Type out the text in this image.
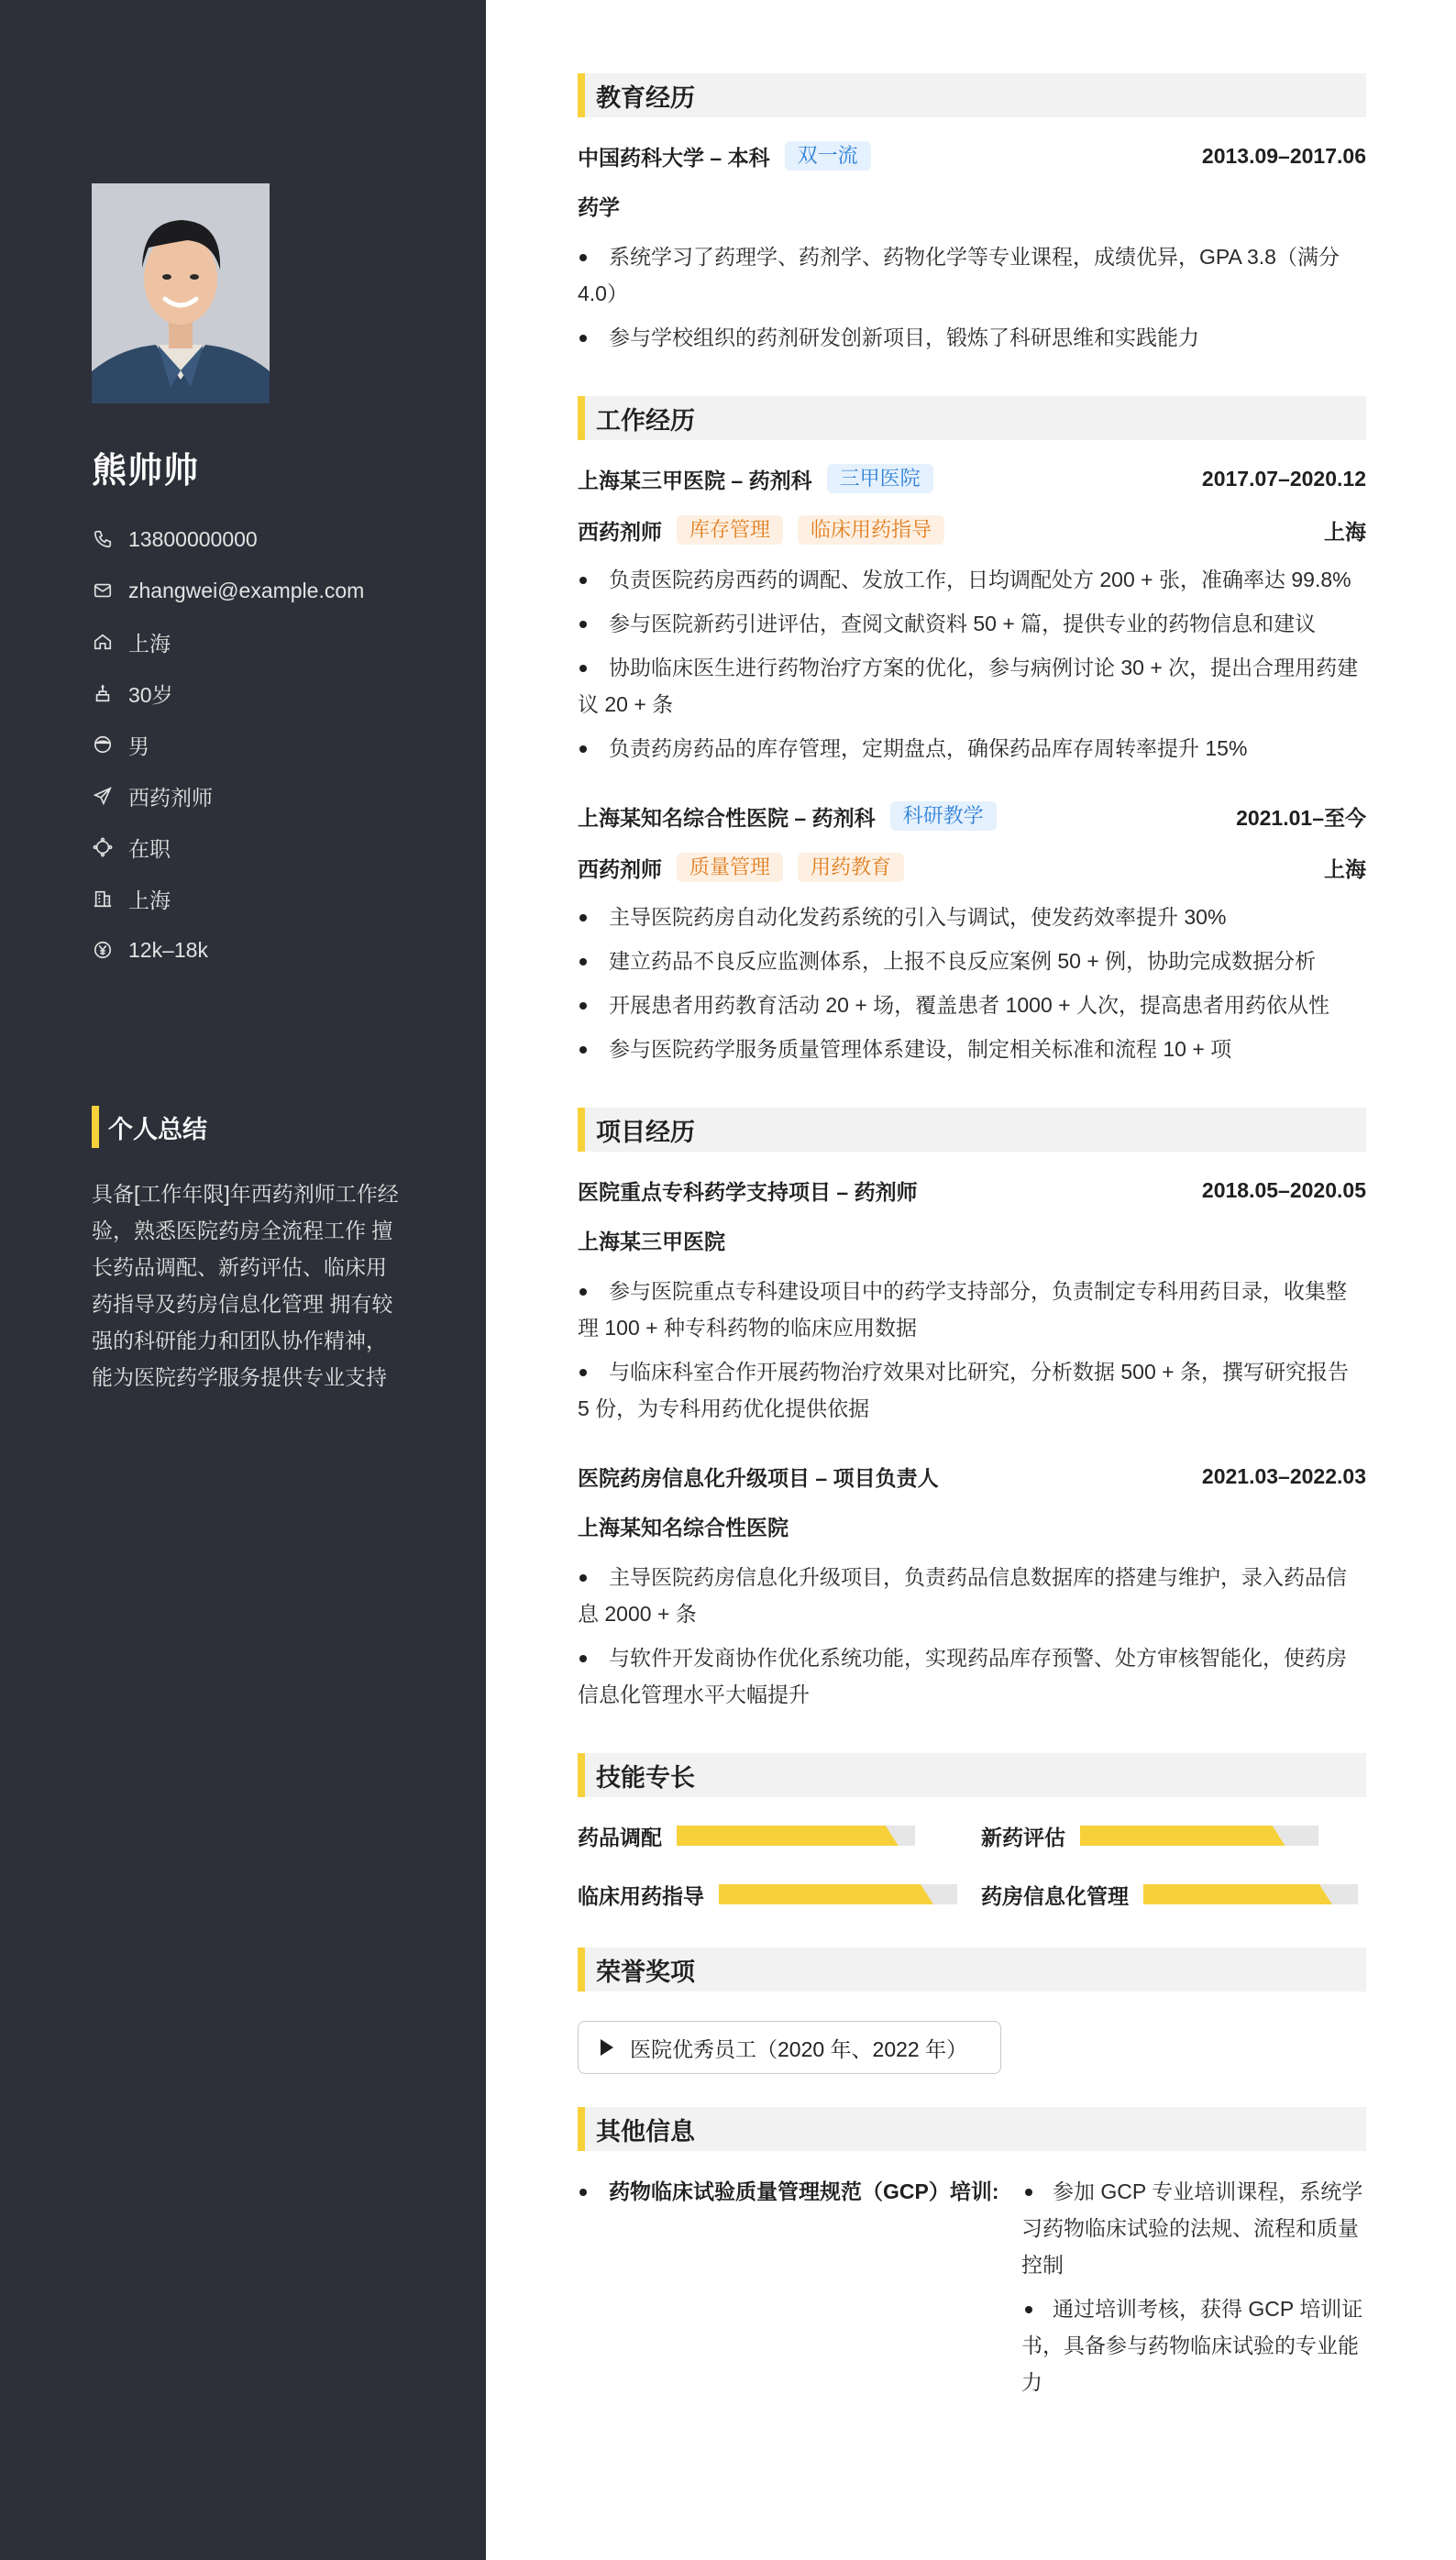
熊帅帅
13800000000
zhangwei@example.com
上海
30岁
男
西药剂师
在职
上海
12k–18k
个人总结
具备[工作年限]年西药剂师工作经验，熟悉医院药房全流程工作 擅长药品调配、新药评估、临床用药指导及药房信息化管理 拥有较强的科研能力和团队协作精神，能为医院药学服务提供专业支持
教育经历
中国药科大学 – 本科	双一流	2013.09–2017.06
药学
系统学习了药理学、药剂学、药物化学等专业课程，成绩优异，GPA 3.8（满分4.0）
参与学校组织的药剂研发创新项目，锻炼了科研思维和实践能力
工作经历
上海某三甲医院 – 药剂科	三甲医院	2017.07–2020.12
西药剂师	库存管理	临床用药指导	上海
负责医院药房西药的调配、发放工作，日均调配处方 200 + 张，准确率达 99.8%
参与医院新药引进评估，查阅文献资料 50 + 篇，提供专业的药物信息和建议
协助临床医生进行药物治疗方案的优化，参与病例讨论 30 + 次，提出合理用药建议 20 + 条
负责药房药品的库存管理，定期盘点，确保药品库存周转率提升 15%
上海某知名综合性医院 – 药剂科	科研教学	2021.01–至今
西药剂师	质量管理	用药教育	上海
主导医院药房自动化发药系统的引入与调试，使发药效率提升 30%
建立药品不良反应监测体系，上报不良反应案例 50 + 例，协助完成数据分析
开展患者用药教育活动 20 + 场，覆盖患者 1000 + 人次，提高患者用药依从性
参与医院药学服务质量管理体系建设，制定相关标准和流程 10 + 项
项目经历
医院重点专科药学支持项目 – 药剂师	2018.05–2020.05
上海某三甲医院
参与医院重点专科建设项目中的药学支持部分，负责制定专科用药目录，收集整理 100 + 种专科药物的临床应用数据
与临床科室合作开展药物治疗效果对比研究，分析数据 500 + 条，撰写研究报告 5 份，为专科用药优化提供依据
医院药房信息化升级项目 – 项目负责人	2021.03–2022.03
上海某知名综合性医院
主导医院药房信息化升级项目，负责药品信息数据库的搭建与维护，录入药品信息 2000 + 条
与软件开发商协作优化系统功能，实现药品库存预警、处方审核智能化，使药房信息化管理水平大幅提升
技能专长
药品调配	新药评估
临床用药指导	药房信息化管理
荣誉奖项
医院优秀员工（2020 年、2022 年）
其他信息
药物临床试验质量管理规范（GCP）培训:	参加 GCP 专业培训课程，系统学习药物临床试验的法规、流程和质量控制
通过培训考核，获得 GCP 培训证书，具备参与药物临床试验的专业能力
